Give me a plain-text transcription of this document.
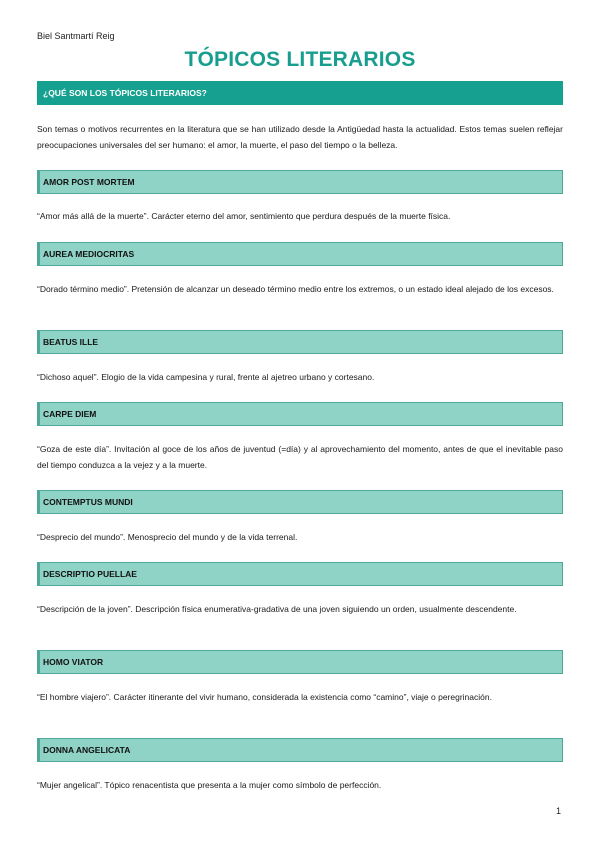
Biel Santmartí Reig
TÓPICOS LITERARIOS
¿QUÉ SON LOS TÓPICOS LITERARIOS?

Son temas o motivos recurrentes en la literatura que se han utilizado desde la Antigüedad hasta la actualidad. Estos temas suelen reflejar preocupaciones universales del ser humano: el amor, la muerte, el paso del tiempo o la belleza.

AMOR POST MORTEM

“Amor más allá de la muerte”. Carácter eterno del amor, sentimiento que perdura después de la muerte física.

AUREA MEDIOCRITAS

“Dorado término medio”. Pretensión de alcanzar un deseado término medio entre los extremos, o un estado ideal alejado de los excesos.

BEATUS ILLE

“Dichoso aquel”. Elogio de la vida campesina y rural, frente al ajetreo urbano y cortesano.

CARPE DIEM

“Goza de este día”. Invitación al goce de los años de juventud (=día) y al aprovechamiento del momento, antes de que el inevitable paso del tiempo conduzca a la vejez y a la muerte.

CONTEMPTUS MUNDI

“Desprecio del mundo”. Menosprecio del mundo y de la vida terrenal.

DESCRIPTIO PUELLAE

“Descripción de la joven”. Descripción física enumerativa-gradativa de una joven siguiendo un orden, usualmente descendente.

HOMO VIATOR

“El hombre viajero”. Carácter itinerante del vivir humano, considerada la existencia como “camino”, viaje o peregrinación.

DONNA ANGELICATA

“Mujer angelical”. Tópico renacentista que presenta a la mujer como símbolo de perfección.

1
